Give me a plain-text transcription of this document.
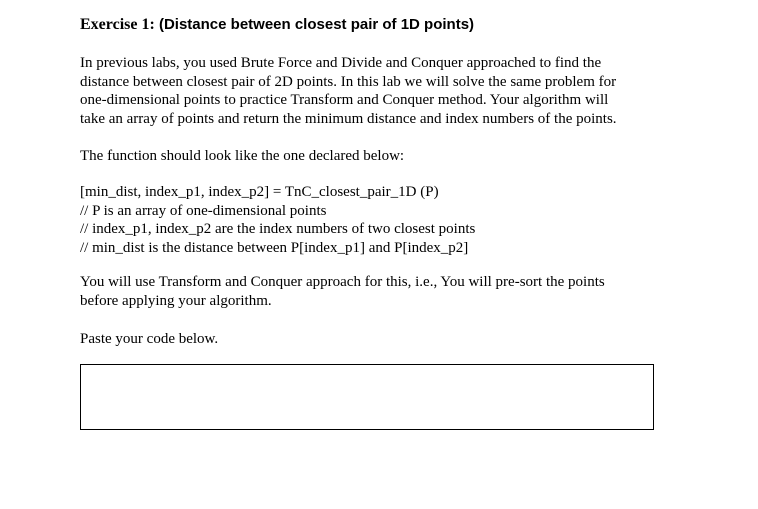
Exercise 1: (Distance between closest pair of 1D points)
In previous labs, you used Brute Force and Divide and Conquer approached to find the
distance between closest pair of 2D points. In this lab we will solve the same problem for
one-dimensional points to practice Transform and Conquer method. Your algorithm will
take an array of points and return the minimum distance and index numbers of the points.
The function should look like the one declared below:
[min_dist, index_p1, index_p2] = TnC_closest_pair_1D (P)
// P is an array of one-dimensional points
// index_p1, index_p2 are the index numbers of two closest points
// min_dist is the distance between P[index_p1] and P[index_p2]
You will use Transform and Conquer approach for this, i.e., You will pre-sort the points
before applying your algorithm.
Paste your code below.
